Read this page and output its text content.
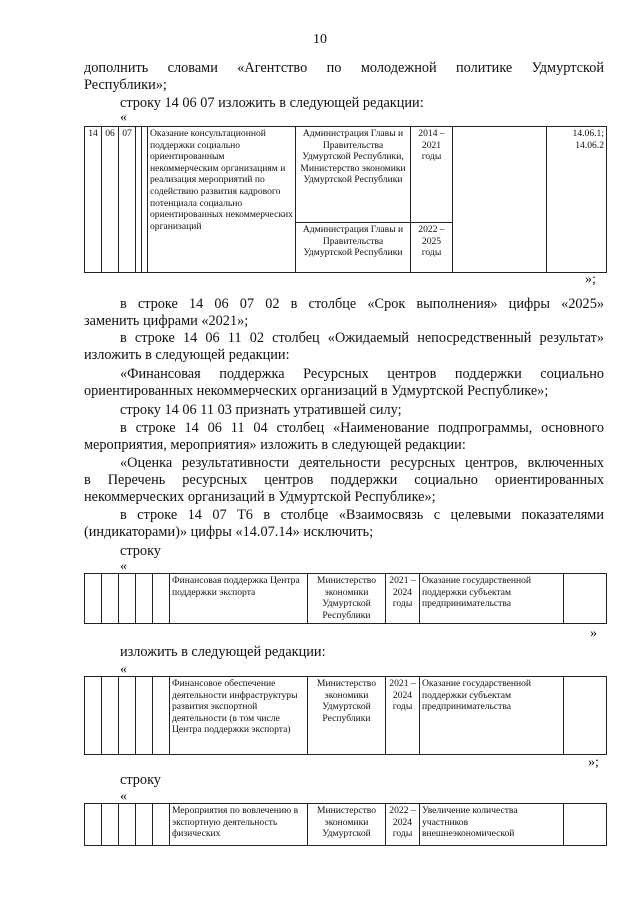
10
дополнить словами «Агентство по молодежной политике Удмуртской
Республики»;
строку 14 06 07 изложить в следующей редакции:
«
14	06	07			Оказание консультационной поддержки социально ориентированным некоммерческим организациям и реализация мероприятий по содействию развития кадрового потенциала социально ориентированных некоммерческих организаций	Администрация Главы и Правительства Удмуртской Республики, Министерство экономики Удмуртской Республики	2014 – 2021 годы		14.06.1; 14.06.2
						Администрация Главы и Правительства Удмуртской Республики	2022 – 2025 годы		
»;
в строке 14 06 07 02 в столбце «Срок выполнения» цифры «2025»
заменить цифрами «2021»;
в строке 14 06 11 02 столбец «Ожидаемый непосредственный результат»
изложить в следующей редакции:
«Финансовая поддержка Ресурсных центров поддержки социально
ориентированных некоммерческих организаций в Удмуртской Республике»;
строку 14 06 11 03 признать утратившей силу;
в строке 14 06 11 04 столбец «Наименование подпрограммы, основного
мероприятия, мероприятия» изложить в следующей редакции:
«Оценка результативности деятельности ресурсных центров, включенных
в Перечень ресурсных центров поддержки социально ориентированных
некоммерческих организаций в Удмуртской Республике»;
в строке 14 07 Т6 в столбце «Взаимосвязь с целевыми показателями
(индикаторами)» цифры «14.07.14» исключить;
строку
«
					Финансовая поддержка Центра поддержки экспорта	Министерство экономики Удмуртской Республики	2021 – 2024 годы	Оказание государственной поддержки субъектам предпринимательства	
»
изложить в следующей редакции:
«
					Финансовое обеспечение деятельности инфраструктуры развития экспортной деятельности (в том числе Центра поддержки экспорта)	Министерство экономики Удмуртской Республики	2021 – 2024 годы	Оказание государственной поддержки субъектам предпринимательства	
»;
строку
«
					Мероприятия по вовлечению в экспортную деятельность физических	Министерство экономики Удмуртской	2022 – 2024 годы	Увеличение количества участников внешнеэкономической	
